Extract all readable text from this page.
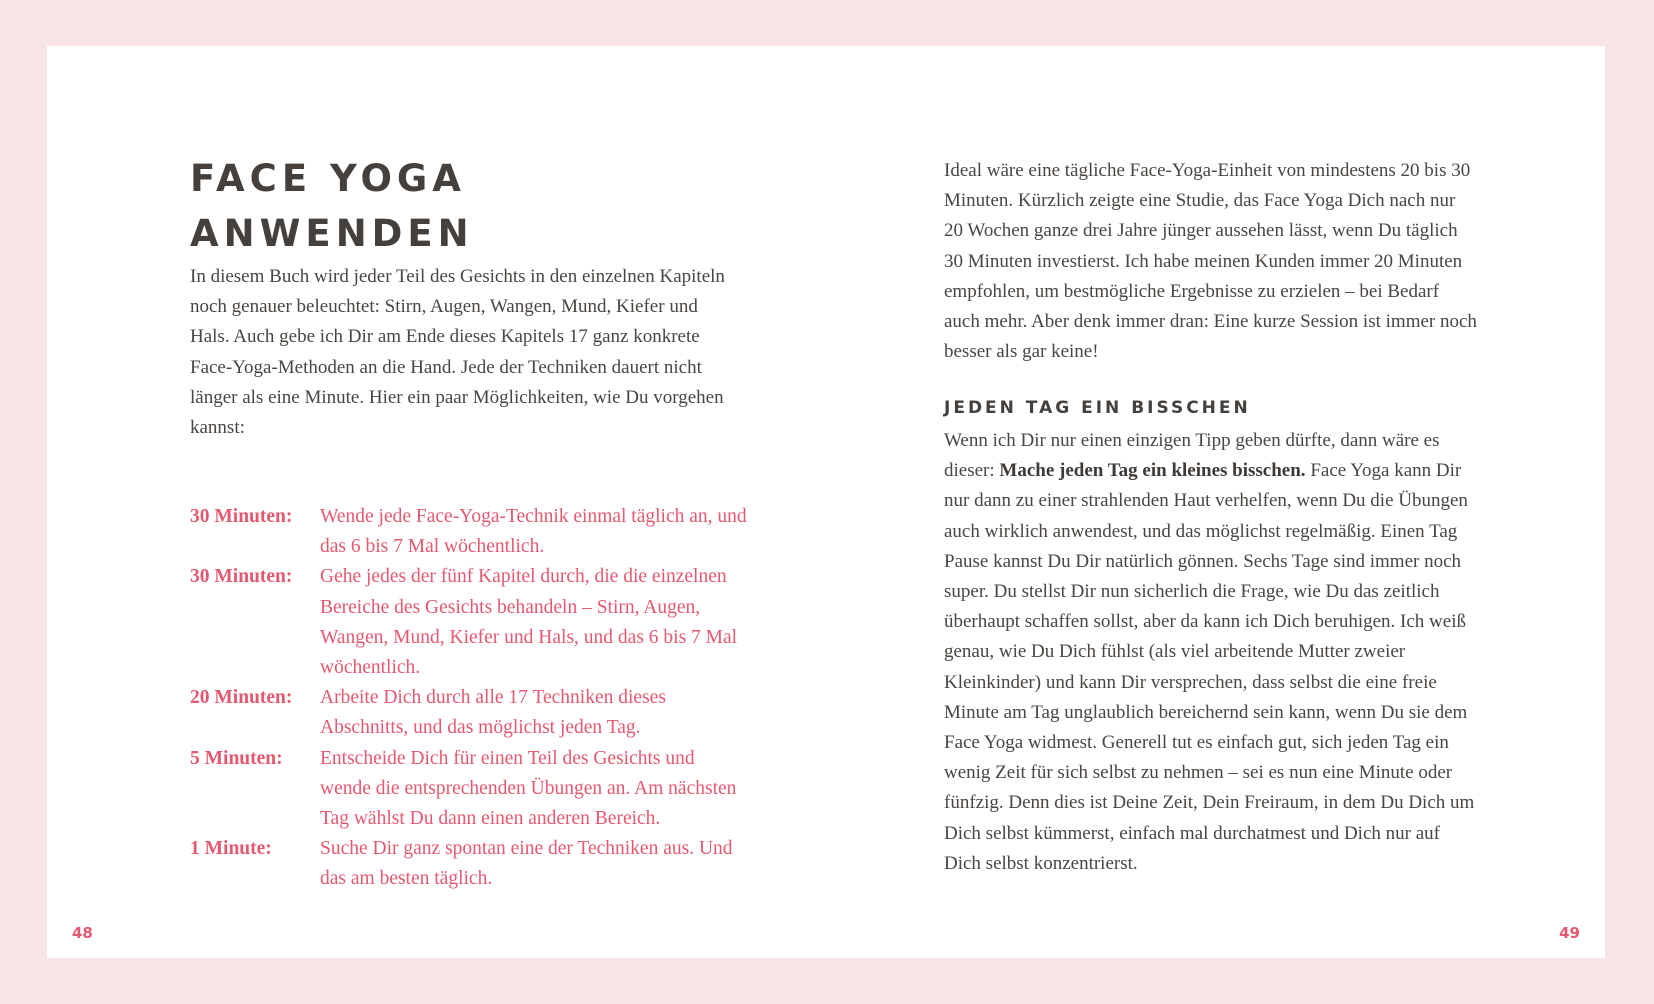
FACE YOGA
ANWENDEN

In diesem Buch wird jeder Teil des Gesichts in den einzelnen Kapiteln noch genauer beleuchtet: Stirn, Augen, Wangen, Mund, Kiefer und Hals. Auch gebe ich Dir am Ende dieses Kapitels 17 ganz konkrete Face-Yoga-Methoden an die Hand. Jede der Techniken dauert nicht länger als eine Minute. Hier ein paar Möglichkeiten, wie Du vorgehen kannst:

30 Minuten:	Wende jede Face-Yoga-Technik einmal täglich an, und das 6 bis 7 Mal wöchentlich.
30 Minuten:	Gehe jedes der fünf Kapitel durch, die die einzelnen Bereiche des Gesichts behandeln – Stirn, Augen, Wangen, Mund, Kiefer und Hals, und das 6 bis 7 Mal wöchentlich.
20 Minuten:	Arbeite Dich durch alle 17 Techniken dieses Abschnitts, und das möglichst jeden Tag.
5 Minuten:	Entscheide Dich für einen Teil des Gesichts und wende die entsprechenden Übungen an. Am nächsten Tag wählst Du dann einen anderen Bereich.
1 Minute:	Suche Dir ganz spontan eine der Techniken aus. Und das am besten täglich.
48

Ideal wäre eine tägliche Face-Yoga-Einheit von mindestens 20 bis 30 Minuten. Kürzlich zeigte eine Studie, das Face Yoga Dich nach nur 20 Wochen ganze drei Jahre jünger aussehen lässt, wenn Du täglich 30 Minuten investierst. Ich habe meinen Kunden immer 20 Minuten empfohlen, um bestmögliche Ergebnisse zu erzielen – bei Bedarf auch mehr. Aber denk immer dran: Eine kurze Session ist immer noch besser als gar keine!

JEDEN TAG EIN BISSCHEN

Wenn ich Dir nur einen einzigen Tipp geben dürfte, dann wäre es dieser: Mache jeden Tag ein kleines bisschen. Face Yoga kann Dir nur dann zu einer strahlenden Haut verhelfen, wenn Du die Übungen auch wirklich anwendest, und das möglichst regelmäßig. Einen Tag Pause kannst Du Dir natürlich gönnen. Sechs Tage sind immer noch super. Du stellst Dir nun sicherlich die Frage, wie Du das zeitlich überhaupt schaffen sollst, aber da kann ich Dich beruhigen. Ich weiß genau, wie Du Dich fühlst (als viel arbeitende Mutter zweier Kleinkinder) und kann Dir versprechen, dass selbst die eine freie Minute am Tag unglaublich bereichernd sein kann, wenn Du sie dem Face Yoga widmest. Generell tut es einfach gut, sich jeden Tag ein wenig Zeit für sich selbst zu nehmen – sei es nun eine Minute oder fünfzig. Denn dies ist Deine Zeit, Dein Freiraum, in dem Du Dich um Dich selbst kümmerst, einfach mal durchatmest und Dich nur auf Dich selbst konzentrierst.

49
